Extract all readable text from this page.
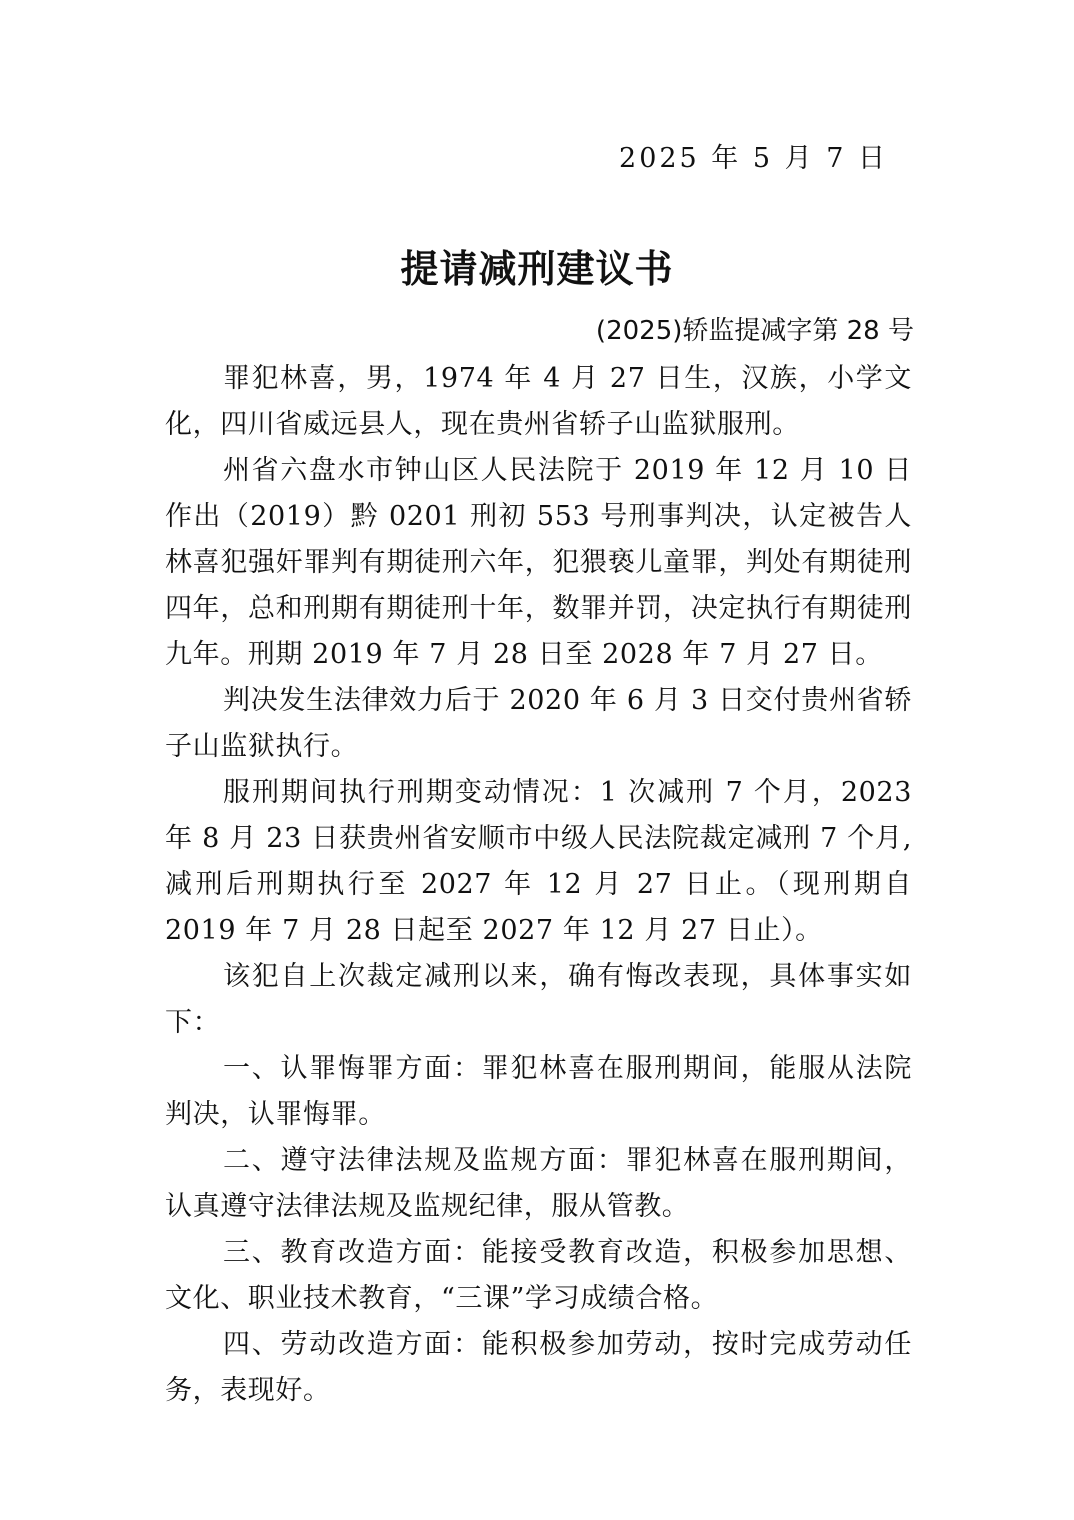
2025 年 5 月 7 日
提请减刑建议书
(2025)轿监提减字第 28 号

罪犯林喜，男，1974 年 4 月 27 日生，汉族，小学文化，四川省威远县人，现在贵州省轿子山监狱服刑。

州省六盘水市钟山区人民法院于 2019 年 12 月 10 日作出（2019）黔 0201 刑初 553 号刑事判决，认定被告人林喜犯强奸罪判有期徒刑六年，犯猥亵儿童罪，判处有期徒刑四年，总和刑期有期徒刑十年，数罪并罚，决定执行有期徒刑九年。刑期 2019 年 7 月 28 日至 2028 年 7 月 27 日。

判决发生法律效力后于 2020 年 6 月 3 日交付贵州省轿子山监狱执行。

服刑期间执行刑期变动情况：1 次减刑 7 个月，2023 年 8 月 23 日获贵州省安顺市中级人民法院裁定减刑 7 个月,减刑后刑期执行至 2027 年 12 月 27 日止。（现刑期自 2019 年 7 月 28 日起至 2027 年 12 月 27 日止）。

该犯自上次裁定减刑以来，确有悔改表现，具体事实如下：

一、认罪悔罪方面：罪犯林喜在服刑期间，能服从法院判决，认罪悔罪。

二、遵守法律法规及监规方面：罪犯林喜在服刑期间，认真遵守法律法规及监规纪律，服从管教。

三、教育改造方面：能接受教育改造，积极参加思想、文化、职业技术教育，“三课”学习成绩合格。

四、劳动改造方面：能积极参加劳动，按时完成劳动任务，表现好。
